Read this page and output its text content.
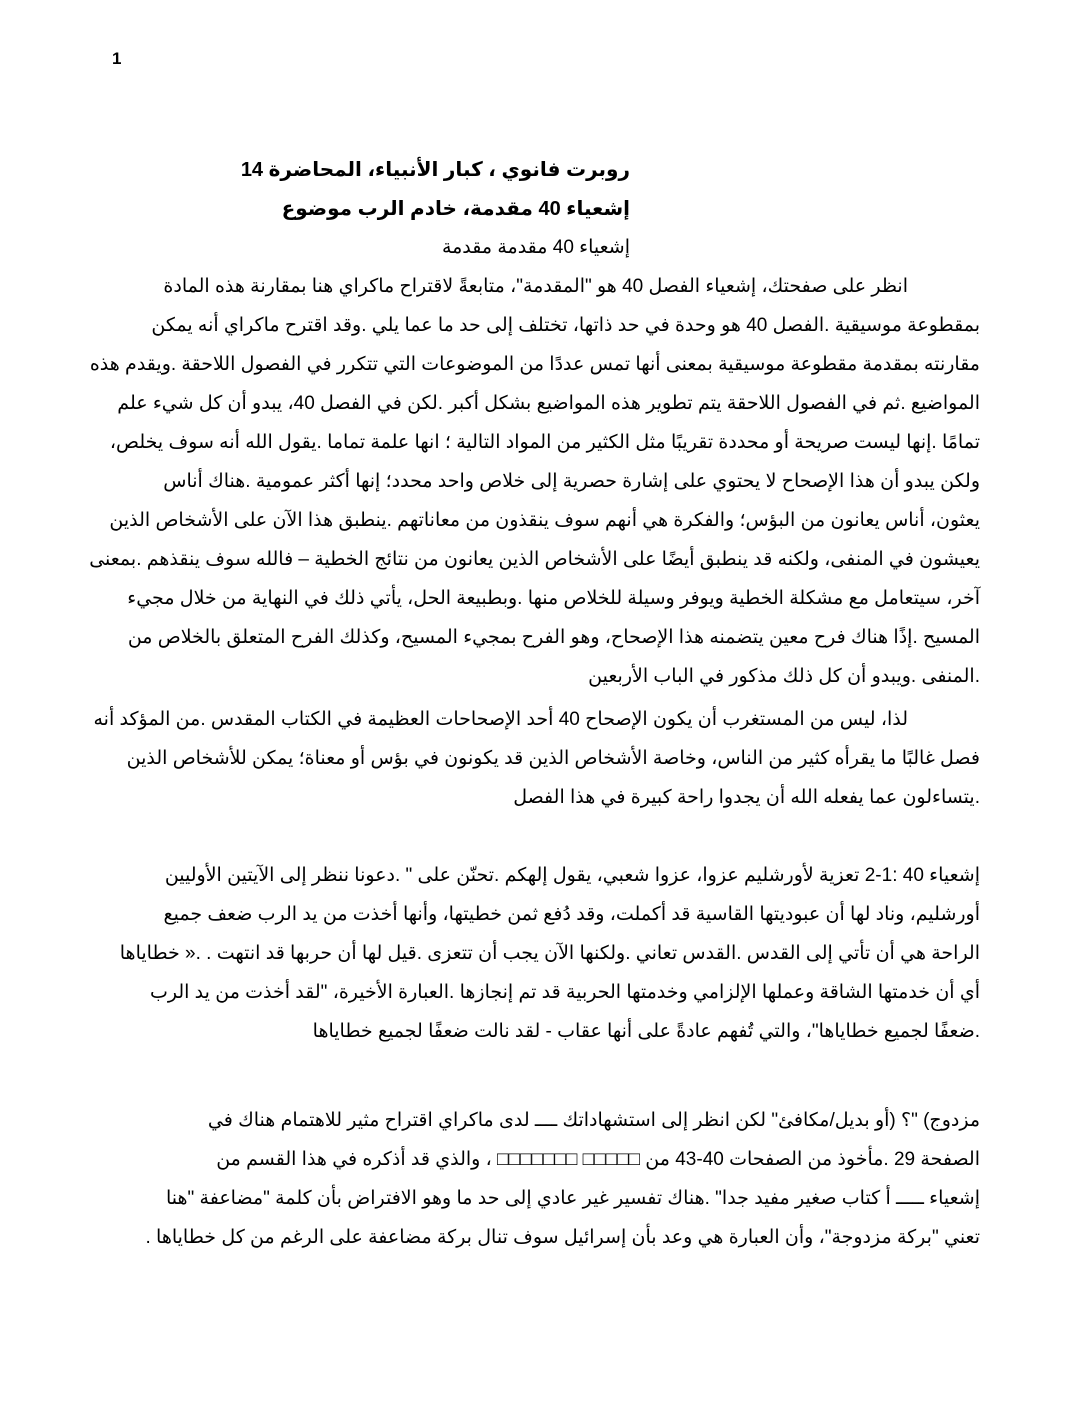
1
روبرت فانوي ، كبار الأنبياء، المحاضرة 14
إشعياء 40 مقدمة، خادم الرب موضوع
إشعياء 40 مقدمة مقدمة
انظر على صفحتك، إشعياء الفصل 40 هو "المقدمة"، متابعةً لاقتراح ماكراي هنا بمقارنة هذه المادة
بمقطوعة موسيقية .الفصل 40 هو وحدة في حد ذاتها، تختلف إلى حد ما عما يلي .وقد اقترح ماكراي أنه يمكن
مقارنته بمقدمة مقطوعة موسيقية بمعنى أنها تمس عددًا من الموضوعات التي تتكرر في الفصول اللاحقة .ويقدم هذه
المواضيع .ثم في الفصول اللاحقة يتم تطوير هذه المواضيع بشكل أكبر .لكن في الفصل 40، يبدو أن كل شيء علم
تمامًا .إنها ليست صريحة أو محددة تقريبًا مثل الكثير من المواد التالية ؛ انها علمة تماما .يقول الله أنه سوف يخلص،
ولكن يبدو أن هذا الإصحاح لا يحتوي على إشارة حصرية إلى خلاص واحد محدد؛ إنها أكثر عمومية .هناك أناس
يعثون، أناس يعانون من البؤس؛ والفكرة هي أنهم سوف ينقذون من معاناتهم .ينطبق هذا الآن على الأشخاص الذين
يعيشون في المنفى، ولكنه قد ينطبق أيضًا على الأشخاص الذين يعانون من نتائج الخطية – فالله سوف ينقذهم .بمعنى
آخر، سيتعامل مع مشكلة الخطية ويوفر وسيلة للخلاص منها .وبطبيعة الحل، يأتي ذلك في النهاية من خلال مجيء
المسيح .إذًا هناك فرح معين يتضمنه هذا الإصحاح، وهو الفرح بمجيء المسيح، وكذلك الفرح المتعلق بالخلاص من
.المنفى .ويبدو أن كل ذلك مذكور في الباب الأربعين
لذا، ليس من المستغرب أن يكون الإصحاح 40 أحد الإصحاحات العظيمة في الكتاب المقدس .من المؤكد أنه
فصل غالبًا ما يقرأه كثير من الناس، وخاصة الأشخاص الذين قد يكونون في بؤس أو معناة؛ يمكن للأشخاص الذين
.يتساءلون عما يفعله الله أن يجدوا راحة كبيرة في هذا الفصل
إشعياء 40 :1-2 تعزية لأورشليم عزوا، عزوا شعبي، يقول إلهكم .تحنّن على " .دعونا ننظر إلى الآيتين الأوليين
أورشليم، وناد لها أن عبوديتها القاسية قد أكملت، وقد دُفع ثمن خطيتها، وأنها أخذت من يد الرب ضعف جميع
الراحة هي أن تأتي إلى القدس .القدس تعاني .ولكنها الآن يجب أن تتعزى .قيل لها أن حربها قد انتهت . .« خطاياها
أي أن خدمتها الشاقة وعملها الإلزامي وخدمتها الحربية قد تم إنجازها .العبارة الأخيرة، "لقد أخذت من يد الرب
.ضعفًا لجميع خطاياها"، والتي تُفهم عادةً على أنها عقاب - لقد نالت ضعفًا لجميع خطاياها
مزدوج) "؟ (أو بديل/مكافئ" لكن انظر إلى استشهاداتك ــــ لدى ماكراي اقتراح مثير للاهتمام هناك في
الصفحة 29 .مأخوذ من الصفحات 40-43 من □□□□□ □□□□□□□ ، والذي قد أذكره في هذا القسم من
إشعياء ـــــ أ كتاب صغير مفيد جدا" .هناك تفسير غير عادي إلى حد ما وهو الافتراض بأن كلمة "مضاعفة "هنا
تعني "بركة مزدوجة"، وأن العبارة هي وعد بأن إسرائيل سوف تنال بركة مضاعفة على الرغم من كل خطاياها .
